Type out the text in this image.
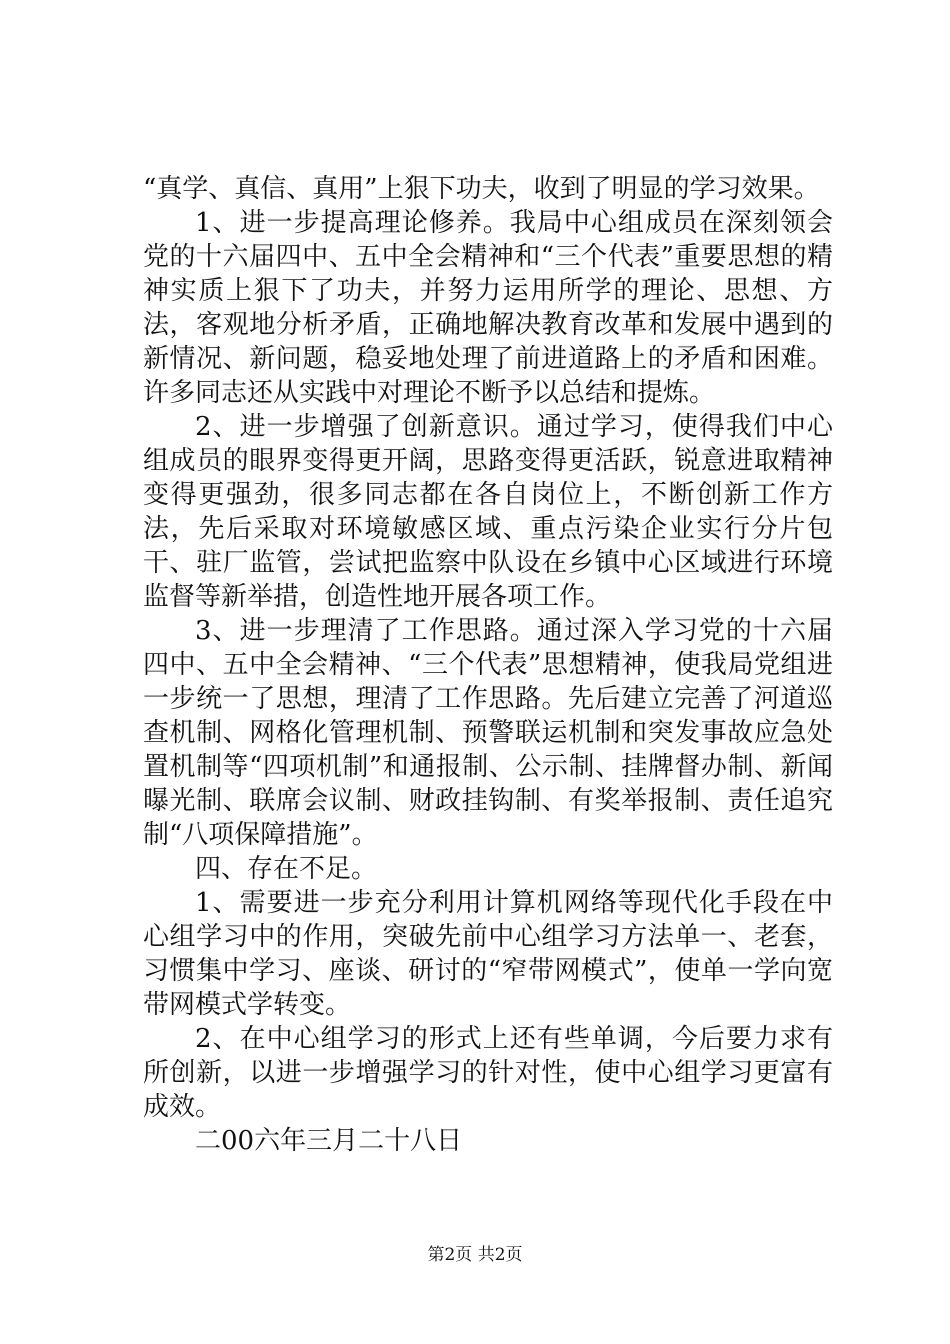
“真学、真信、真用”上狠下功夫，收到了明显的学习效果。

1、进一步提高理论修养。我局中心组成员在深刻领会党的十六届四中、五中全会精神和“三个代表”重要思想的精神实质上狠下了功夫，并努力运用所学的理论、思想、方法，客观地分析矛盾，正确地解决教育改革和发展中遇到的新情况、新问题，稳妥地处理了前进道路上的矛盾和困难。许多同志还从实践中对理论不断予以总结和提炼。

2、进一步增强了创新意识。通过学习，使得我们中心组成员的眼界变得更开阔，思路变得更活跃，锐意进取精神变得更强劲，很多同志都在各自岗位上，不断创新工作方法，先后采取对环境敏感区域、重点污染企业实行分片包干、驻厂监管，尝试把监察中队设在乡镇中心区域进行环境监督等新举措，创造性地开展各项工作。

3、进一步理清了工作思路。通过深入学习党的十六届四中、五中全会精神、“三个代表”思想精神，使我局党组进一步统一了思想，理清了工作思路。先后建立完善了河道巡查机制、网格化管理机制、预警联运机制和突发事故应急处置机制等“四项机制”和通报制、公示制、挂牌督办制、新闻曝光制、联席会议制、财政挂钩制、有奖举报制、责任追究制“八项保障措施”。

四、存在不足。

1、需要进一步充分利用计算机网络等现代化手段在中心组学习中的作用，突破先前中心组学习方法单一、老套，习惯集中学习、座谈、研讨的“窄带网模式”，使单一学向宽带网模式学转变。

2、在中心组学习的形式上还有些单调，今后要力求有所创新，以进一步增强学习的针对性，使中心组学习更富有成效。

二00六年三月二十八日

第2页 共2页
